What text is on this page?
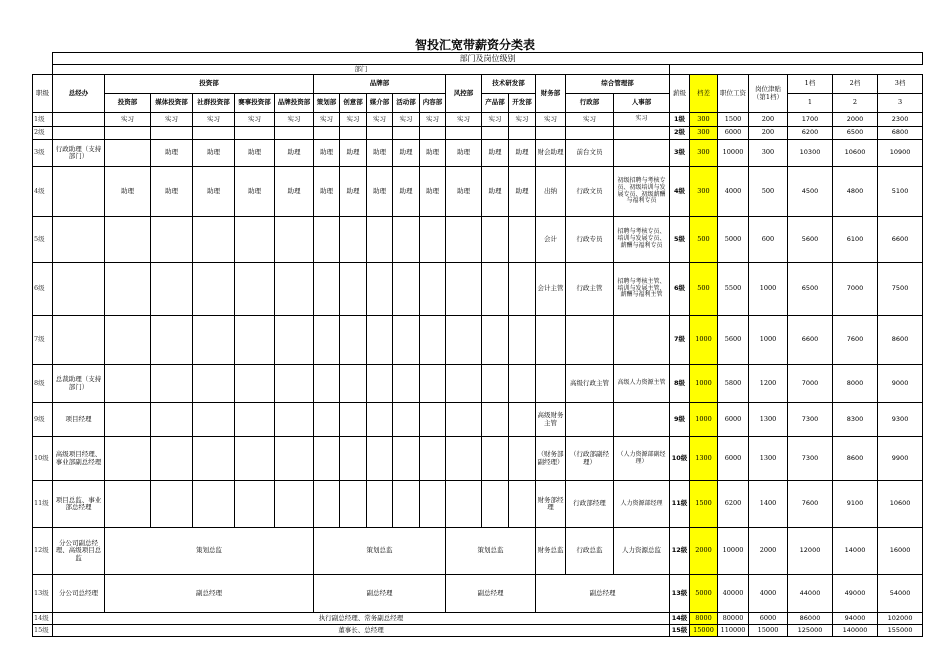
智投汇宽带薪资分类表
	部门及岗位级别																							
	部门																							
职级	总经办	投资部					品牌部					风控部	技术研发部		财务部	综合管理部		薪级	档差	职位工资	岗位津贴（第1档）	1档	2档	3档
		投资部	媒体投资部	社群投资部	赛事投资部	品牌投资部	策划部	创意部	媒介部	活动部	内容部		产品部	开发部		行政部	人事部					1	2	3
1级		实习	实习	实习	实习	实习	实习	实习	实习	实习	实习	实习	实习	实习	实习	实习	实习	1级	300	1500	200	1700	2000	2300
2级																		2级	300	6000	200	6200	6500	6800
3级	行政助理（支持部门）		助理	助理	助理	助理	助理	助理	助理	助理	助理	助理	助理	助理	财会助理	前台文员		3级	300	10000	300	10300	10600	10900
4级		助理	助理	助理	助理	助理	助理	助理	助理	助理	助理	助理	助理	助理	出纳	行政文员	初级招聘与考核专员、初级培训与发展专员、初级薪酬与福利专员	4级	300	4000	500	4500	4800	5100
5级															会计	行政专员	招聘与考核专员、培训与发展专员、薪酬与福利专员	5级	500	5000	600	5600	6100	6600
6级															会计主管	行政主管	招聘与考核主管、培训与发展主管、薪酬与福利主管	6级	500	5500	1000	6500	7000	7500
7级																		7级	1000	5600	1000	6600	7600	8600
8级	总裁助理（支持部门）															高级行政主管	高级人力资源主管	8级	1000	5800	1200	7000	8000	9000
9级	项目经理														高级财务主管			9级	1000	6000	1300	7300	8300	9300
10级	高级项目经理、事业部副总经理														（财务部副经理）	（行政部副经理）	（人力资源部副经理）	10级	1300	6000	1300	7300	8600	9900
11级	项目总监、事业部总经理														财务部经理	行政部经理	人力资源部经理	11级	1500	6200	1400	7600	9100	10600
12级	分公司副总经理、高级项目总监	策划总监					策划总监					策划总监			财务总监	行政总监	人力资源总监	12级	2000	10000	2000	12000	14000	16000
13级	分公司总经理	副总经理					副总经理					副总经理			副总经理			13级	5000	40000	4000	44000	49000	54000
14级	执行副总经理、常务副总经理																	14级	8000	80000	6000	86000	94000	102000
15级	董事长、总经理																	15级	15000	110000	15000	125000	140000	155000
